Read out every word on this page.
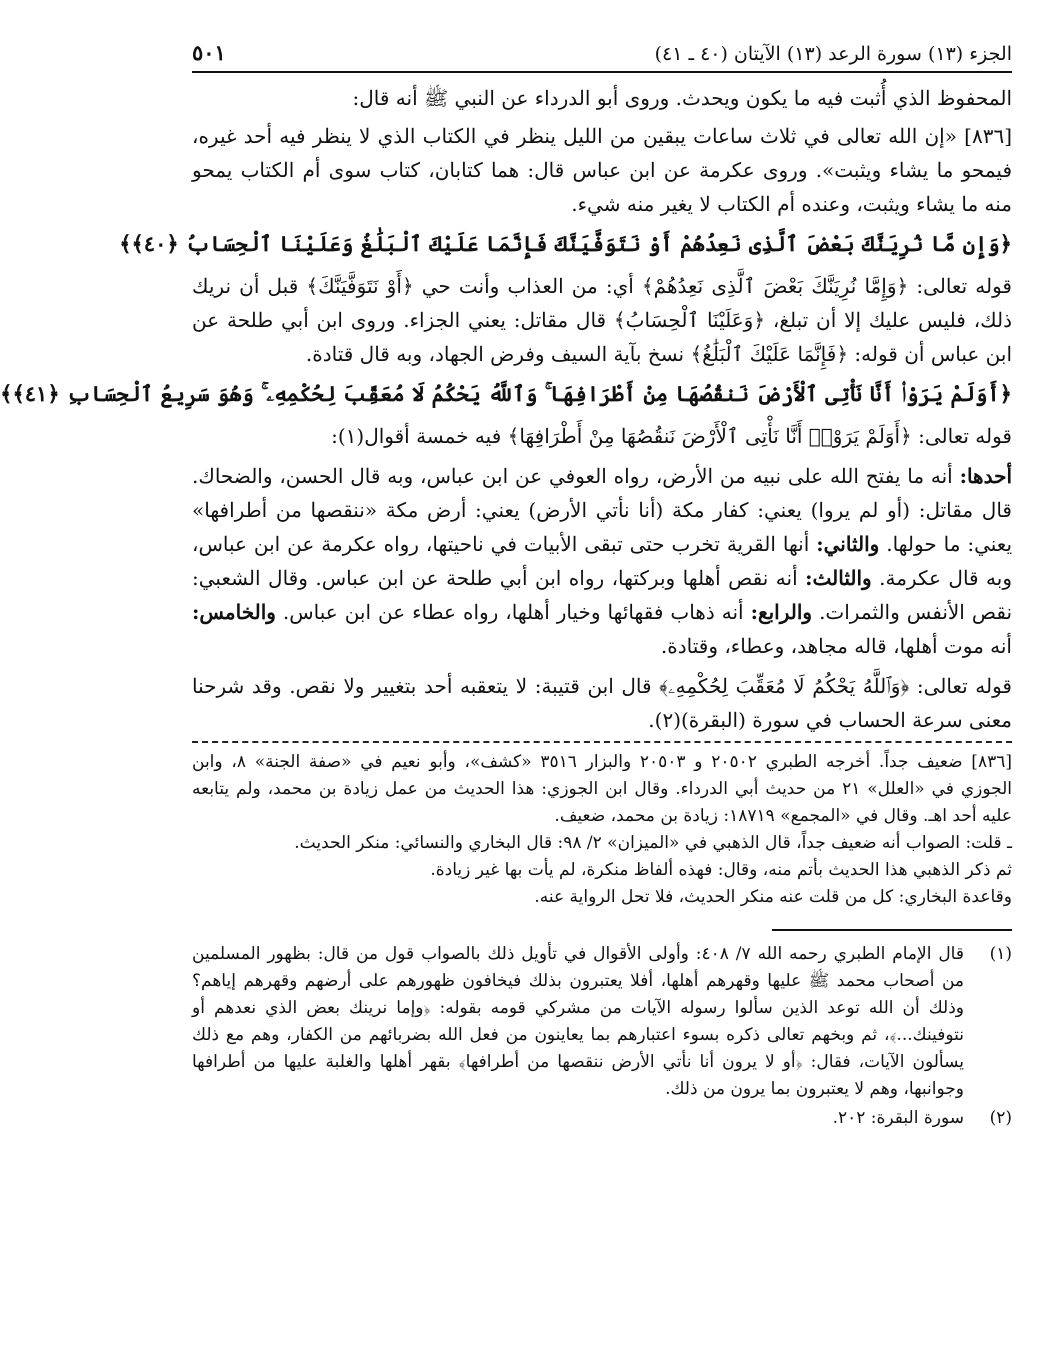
الجزء (١٣) سورة الرعد (١٣) الآيتان (٤٠ ـ ٤١)
٥٠١

المحفوظ الذي أُثبت فيه ما يكون ويحدث. وروى أبو الدرداء عن النبي ﷺ أنه قال:

[٨٣٦] «إن الله تعالى في ثلاث ساعات يبقين من الليل ينظر في الكتاب الذي لا ينظر فيه أحد غيره، فيمحو ما يشاء ويثبت». وروى عكرمة عن ابن عباس قال: هما كتابان، كتاب سوى أم الكتاب يمحو منه ما يشاء ويثبت، وعنده أم الكتاب لا يغير منه شيء.

﴿وَإِن مَّا نُرِيَنَّكَ بَعْضَ ٱلَّذِى نَعِدُهُمْ أَوْ نَتَوَفَّيَنَّكَ فَإِنَّمَا عَلَيْكَ ٱلْبَلَٰغُ وَعَلَيْنَا ٱلْحِسَابُ ﴿٤٠﴾﴾

قوله تعالى: ﴿وَإِمَّا نُرِيَنَّكَ بَعْضَ ٱلَّذِى نَعِدُهُمْ﴾ أي: من العذاب وأنت حي ﴿أَوْ نَتَوَفَّيَنَّكَ﴾ قبل أن نريك ذلك، فليس عليك إلا أن تبلغ، ﴿وَعَلَيْنَا ٱلْحِسَابُ﴾ قال مقاتل: يعني الجزاء. وروى ابن أبي طلحة عن ابن عباس أن قوله: ﴿فَإِنَّمَا عَلَيْكَ ٱلْبَلَٰغُ﴾ نسخ بآية السيف وفرض الجهاد، وبه قال قتادة.

﴿أَوَلَمْ يَرَوْا۟ أَنَّا نَأْتِى ٱلْأَرْضَ نَنقُصُهَا مِنْ أَطْرَافِهَا ۚ وَٱللَّهُ يَحْكُمُ لَا مُعَقِّبَ لِحُكْمِهِۦ ۚ وَهُوَ سَرِيعُ ٱلْحِسَابِ ﴿٤١﴾﴾

قوله تعالى: ﴿أَوَلَمْ يَرَوْا۟ أَنَّا نَأْتِى ٱلْأَرْضَ نَنقُصُهَا مِنْ أَطْرَافِهَا﴾ فيه خمسة أقوال(١):

أحدها: أنه ما يفتح الله على نبيه من الأرض، رواه العوفي عن ابن عباس، وبه قال الحسن، والضحاك. قال مقاتل: (أو لم يروا) يعني: كفار مكة (أنا نأتي الأرض) يعني: أرض مكة «ننقصها من أطرافها» يعني: ما حولها. والثاني: أنها القرية تخرب حتى تبقى الأبيات في ناحيتها، رواه عكرمة عن ابن عباس، وبه قال عكرمة. والثالث: أنه نقص أهلها وبركتها، رواه ابن أبي طلحة عن ابن عباس. وقال الشعبي: نقص الأنفس والثمرات. والرابع: أنه ذهاب فقهائها وخيار أهلها، رواه عطاء عن ابن عباس. والخامس: أنه موت أهلها، قاله مجاهد، وعطاء، وقتادة.

قوله تعالى: ﴿وَٱللَّهُ يَحْكُمُ لَا مُعَقِّبَ لِحُكْمِهِۦ﴾ قال ابن قتيبة: لا يتعقبه أحد بتغيير ولا نقص. وقد شرحنا معنى سرعة الحساب في سورة (البقرة)(٢).

[٨٣٦] ضعيف جداً. أخرجه الطبري ٢٠٥٠٢ و ٢٠٥٠٣ والبزار ٣٥١٦ «كشف»، وأبو نعيم في «صفة الجنة» ٨، وابن الجوزي في «العلل» ٢١ من حديث أبي الدرداء. وقال ابن الجوزي: هذا الحديث من عمل زيادة بن محمد، ولم يتابعه عليه أحد اهـ. وقال في «المجمع» ١٨٧١٩: زيادة بن محمد، ضعيف.

ـ قلت: الصواب أنه ضعيف جداً، قال الذهبي في «الميزان» ٢/ ٩٨: قال البخاري والنسائي: منكر الحديث.

ثم ذكر الذهبي هذا الحديث بأتم منه، وقال: فهذه ألفاظ منكرة، لم يأت بها غير زيادة.

وقاعدة البخاري: كل من قلت عنه منكر الحديث، فلا تحل الرواية عنه.

(١)

قال الإمام الطبري رحمه الله ٧/ ٤٠٨: وأولى الأقوال في تأويل ذلك بالصواب قول من قال: بظهور المسلمين من أصحاب محمد ﷺ عليها وقهرهم أهلها، أفلا يعتبرون بذلك فيخافون ظهورهم على أرضهم وقهرهم إياهم؟ وذلك أن الله توعد الذين سألوا رسوله الآيات من مشركي قومه بقوله: ﴿وإما نرينك بعض الذي نعدهم أو نتوفينك...﴾، ثم وبخهم تعالى ذكره بسوء اعتبارهم بما يعاينون من فعل الله بضربائهم من الكفار، وهم مع ذلك يسألون الآيات، فقال: ﴿أو لا يرون أنا نأتي الأرض ننقصها من أطرافها﴾ بقهر أهلها والغلبة عليها من أطرافها وجوانبها، وهم لا يعتبرون بما يرون من ذلك.

(٢)

سورة البقرة: ٢٠٢.
